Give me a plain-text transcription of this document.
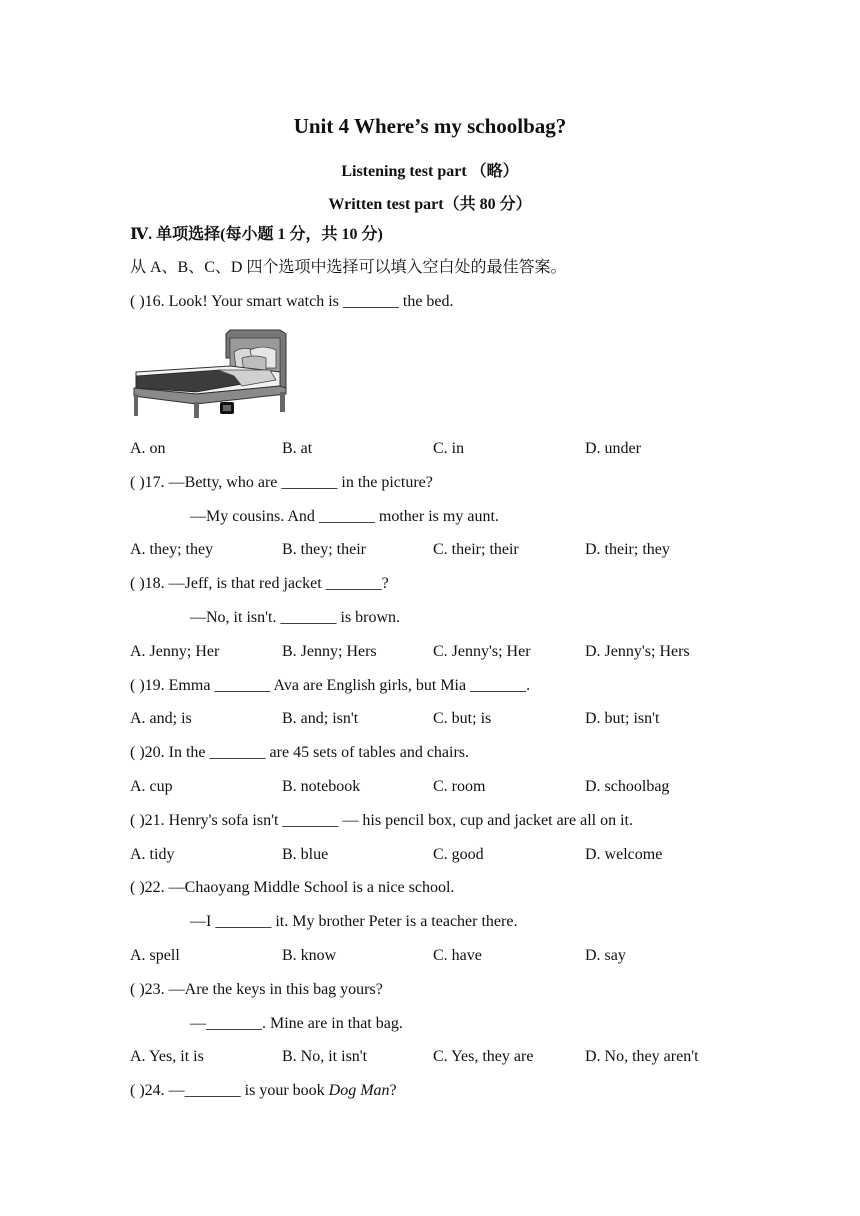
Unit 4 Where’s my schoolbag?
Listening test part （略）
Written test part（共 80 分）
Ⅳ. 单项选择(每小题 1 分，共 10 分)
从 A、B、C、D 四个选项中选择可以填入空白处的最佳答案。
( )16. Look! Your smart watch is _______ the bed.
A. on	B. at	C. in	D. under
( )17. —Betty, who are _______ in the picture?
—My cousins. And _______ mother is my aunt.
A. they; they	B. they; their	C. their; their	D. their; they
( )18. —Jeff, is that red jacket _______?
—No, it isn't. _______ is brown.
A. Jenny; Her	B. Jenny; Hers	C. Jenny's; Her	D. Jenny's; Hers
( )19. Emma _______ Ava are English girls, but Mia _______.
A. and; is	B. and; isn't	C. but; is	D. but; isn't
( )20. In the _______ are 45 sets of tables and chairs.
A. cup	B. notebook	C. room	D. schoolbag
( )21. Henry's sofa isn't _______ — his pencil box, cup and jacket are all on it.
A. tidy	B. blue	C. good	D. welcome
( )22. —Chaoyang Middle School is a nice school.
—I _______ it. My brother Peter is a teacher there.
A. spell	B. know	C. have	D. say
( )23. —Are the keys in this bag yours?
—_______. Mine are in that bag.
A. Yes, it is	B. No, it isn't	C. Yes, they are	D. No, they aren't
( )24. —_______ is your book Dog Man?
